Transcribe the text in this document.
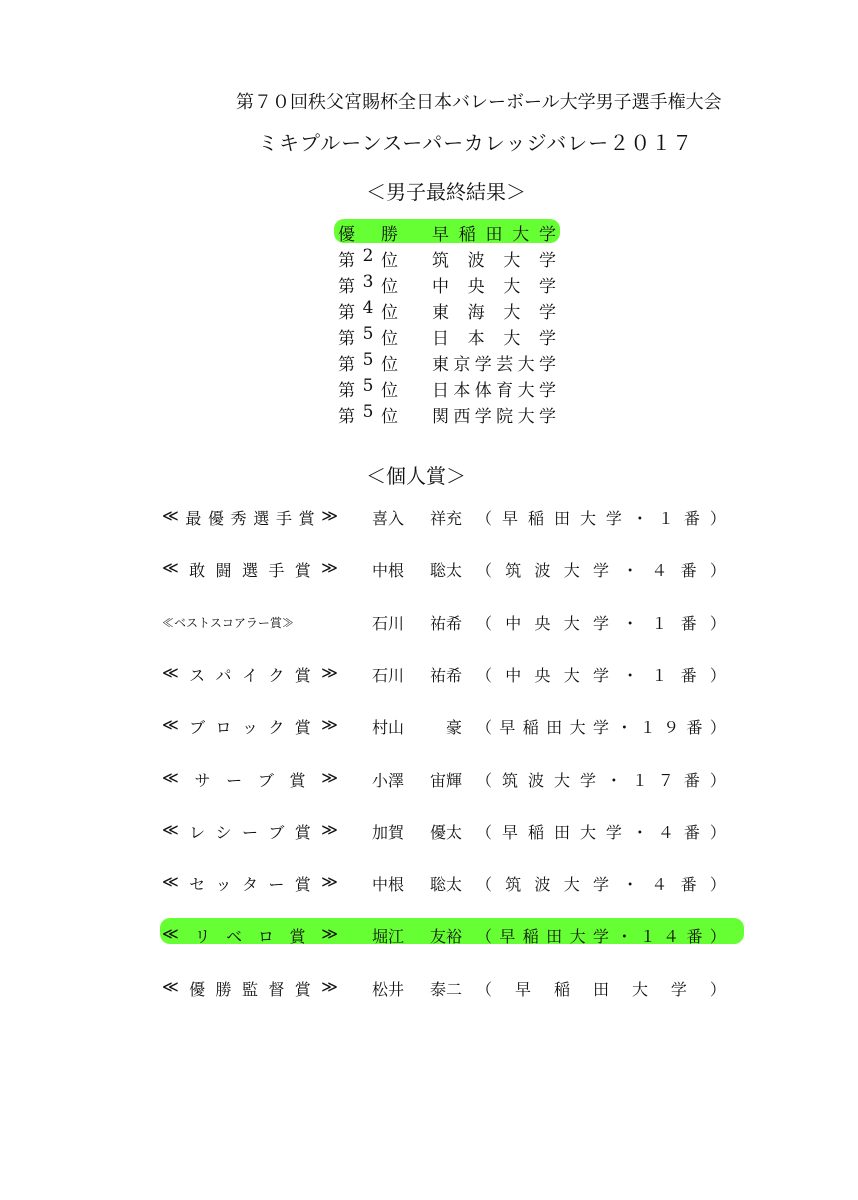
第７０回秩父宮賜杯全日本バレーボール大学男子選手権大会
ミキプルーンスーパーカレッジバレー２０１７
＜男子最終結果＞
優 勝 早 稲 田 大 学
第 2 位 筑 波 大 学
第 3 位 中 央 大 学
第 4 位 東 海 大 学
第 5 位 日 本 大 学
第 5 位 東 京 学 芸 大 学
第 5 位 日 本 体 育 大 学
第 5 位 関 西 学 院 大 学
＜個人賞＞
≪ 最 優 秀 選 手 賞 ≫ 喜入 祥充 （ 早 稲 田 大 学 ・ １ 番 ）
≪ 敢 闘 選 手 賞 ≫ 中根 聡太 （ 筑 波 大 学 ・ ４ 番 ）
≪ベストスコアラー賞≫	石川 祐希 （ 中 央 大 学 ・ １ 番 ）
≪ ス パ イ ク 賞 ≫ 石川 祐希 （ 中 央 大 学 ・ １ 番 ）
≪ ブ ロ ッ ク 賞 ≫ 村山	豪 （ 早 稲 田 大 学 ・ １ ９ 番 ）
≪ サ ー ブ 賞 ≫ 小澤 宙輝 （ 筑 波 大 学 ・ １ ７ 番 ）
≪ レ シ ー ブ 賞 ≫ 加賀 優太 （ 早 稲 田 大 学 ・ ４ 番 ）
≪ セ ッ タ ー 賞 ≫ 中根 聡太 （ 筑 波 大 学 ・ ４ 番 ）
≪ リ ベ ロ 賞 ≫ 堀江 友裕 （ 早 稲 田 大 学 ・ １ ４ 番 ）
≪ 優 勝 監 督 賞 ≫ 松井 泰二 （ 早 稲 田 大 学 ）
